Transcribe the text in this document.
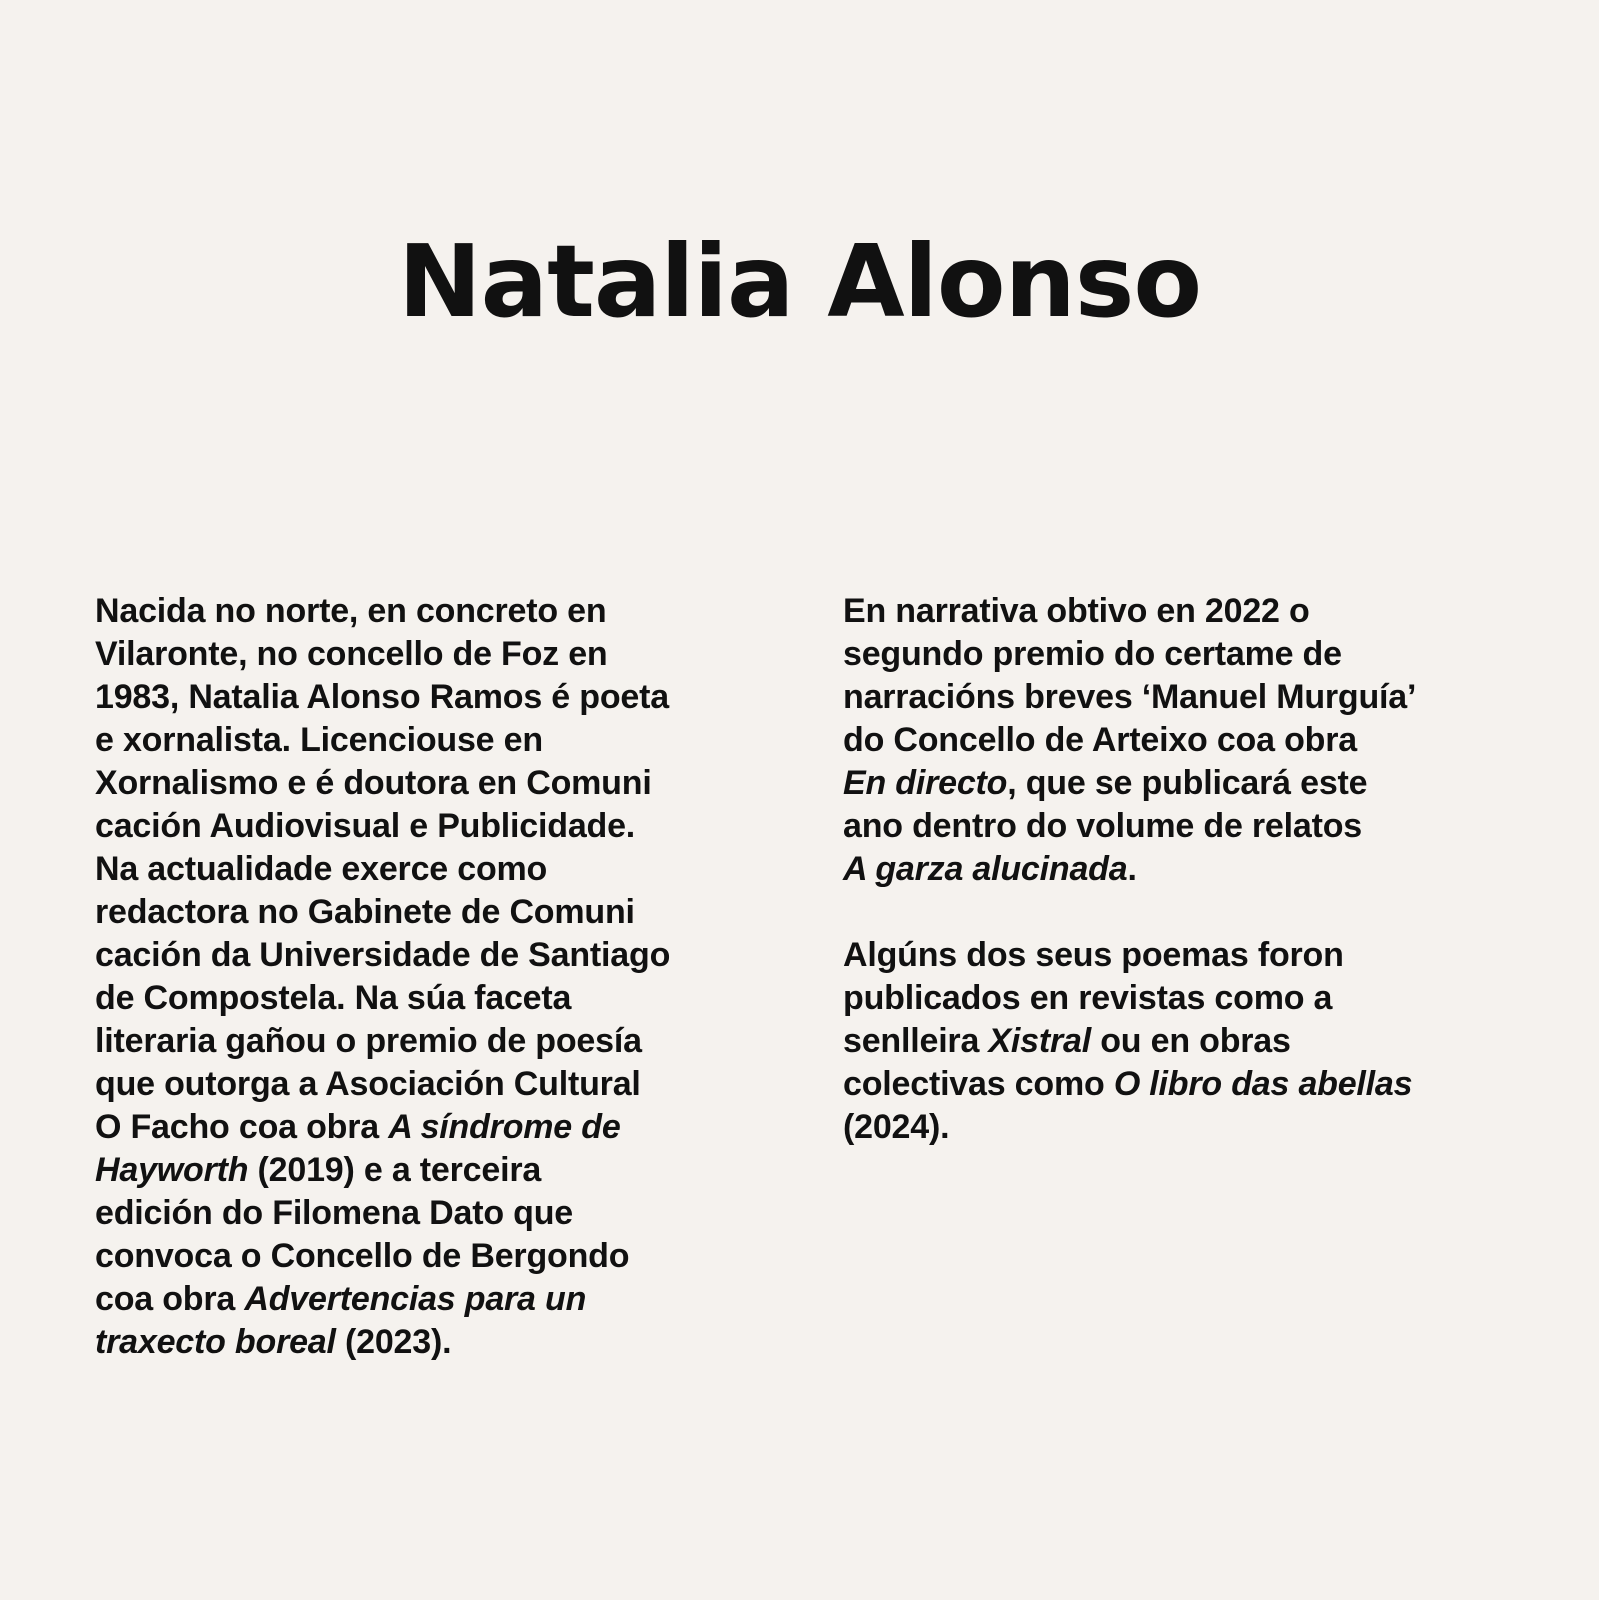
Natalia Alonso
Nacida no norte, en concreto en
Vilaronte, no concello de Foz en
1983, Natalia Alonso Ramos é poeta
e xornalista. Licenciouse en
Xornalismo e é doutora en Comuni
cación Audiovisual e Publicidade.
Na actualidade exerce como
redactora no Gabinete de Comuni
cación da Universidade de Santiago
de Compostela. Na súa faceta
literaria gañou o premio de poesía
que outorga a Asociación Cultural
O Facho coa obra A síndrome de
Hayworth (2019) e a terceira
edición do Filomena Dato que
convoca o Concello de Bergondo
coa obra Advertencias para un
traxecto boreal (2023).
En narrativa obtivo en 2022 o
segundo premio do certame de
narracións breves ‘Manuel Murguía’
do Concello de Arteixo coa obra
En directo, que se publicará este
ano dentro do volume de relatos
A garza alucinada.
Algúns dos seus poemas foron
publicados en revistas como a
senlleira Xistral ou en obras
colectivas como O libro das abellas
(2024).
